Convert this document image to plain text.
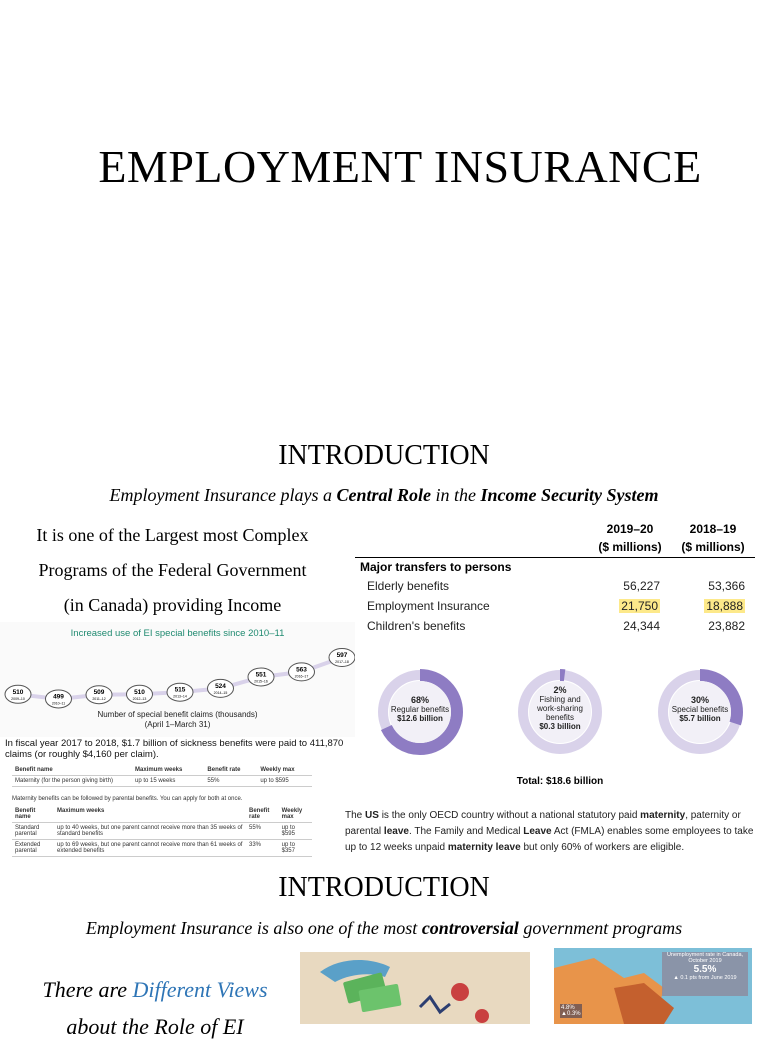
EMPLOYMENT INSURANCE
INTRODUCTION
Employment Insurance plays a Central Role in the Income Security System
It is one of the Largest most Complex
Programs of the Federal Government
(in Canada) providing Income
Increased use of EI special benefits since 2010–11
510
2009–10	499
2010–11
509
2011–12
510
2012–13
515
2013–14
524
2014–15
551
2015–16
563
2016–17
597
2017–18
Number of special benefit claims (thousands)
(April 1–March 31)
In fiscal year 2017 to 2018, $1.7 billion of sickness benefits were paid to 411,870 claims (or roughly $4,160 per claim).
Benefit name	Maximum weeks	Benefit rate	Weekly max
Maternity (for the person giving birth)	up to 15 weeks	55%	up to $595
Maternity benefits can be followed by parental benefits. You can apply for both at once.
Benefit name	Maximum weeks	Benefit rate	Weekly max
Standard parental	up to 40 weeks, but one parent cannot receive more than 35 weeks of standard benefits	55%	up to $595
Extended parental	up to 69 weeks, but one parent cannot receive more than 61 weeks of extended benefits	33%	up to $357
2019–20
($ millions)
2018–19
($ millions)
Major transfers to persons
Elderly benefits	56,227	53,366
Employment Insurance	21,750	18,888
Children's benefits	24,344	23,882
68%
Regular benefits
$12.6 billion
2%
Fishing and
work-sharing
benefits
$0.3 billion
30%
Special benefits
$5.7 billion
Total: $18.6 billion
The US is the only OECD country without a national statutory paid maternity, paternity or parental leave. The Family and Medical Leave Act (FMLA) enables some employees to take up to 12 weeks unpaid maternity leave but only 60% of workers are eligible.
INTRODUCTION
Employment Insurance is also one of the most controversial government programs
There are Different Views
about the Role of EI
Unemployment rate in Canada, October 2019
5.5%
▲ 0.1 pts from June 2019
4.8%
▲0.3%
